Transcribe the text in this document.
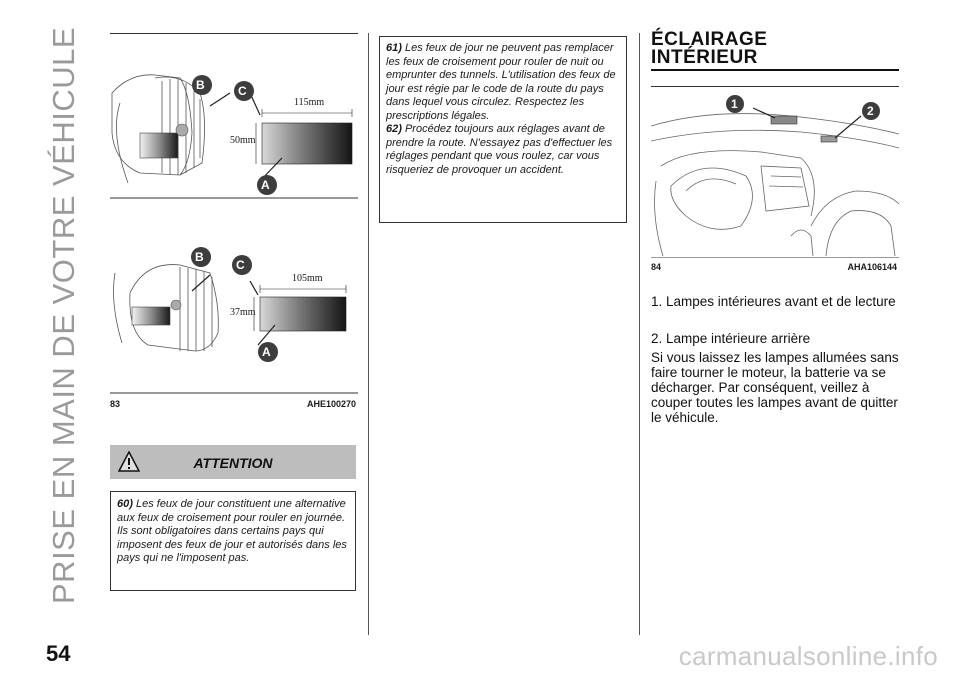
PRISE EN MAIN DE VOTRE VÉHICULE	B	C
A
115mm
50mm
B
C
A
105mm
37mm
83	AHE100270
ATTENTION
60) Les feux de jour constituent une alternative aux feux de croisement pour rouler en journée. Ils sont obligatoires dans certains pays qui imposent des feux de jour et autorisés dans les pays qui ne l'imposent pas.
61) Les feux de jour ne peuvent pas remplacer les feux de croisement pour rouler de nuit ou emprunter des tunnels. L'utilisation des feux de jour est régie par le code de la route du pays dans lequel vous circulez. Respectez les prescriptions légales.
62) Procédez toujours aux réglages avant de prendre la route. N'essayez pas d'effectuer les réglages pendant que vous roulez, car vous risqueriez de provoquer un accident.
ÉCLAIRAGE
INTÉRIEUR
1	2
84	AHA106144
1. Lampes intérieures avant et de lecture
2. Lampe intérieure arrière
Si vous laissez les lampes allumées sans faire tourner le moteur, la batterie va se décharger. Par conséquent, veillez à couper toutes les lampes avant de quitter le véhicule.
54	carmanualsonline.info
